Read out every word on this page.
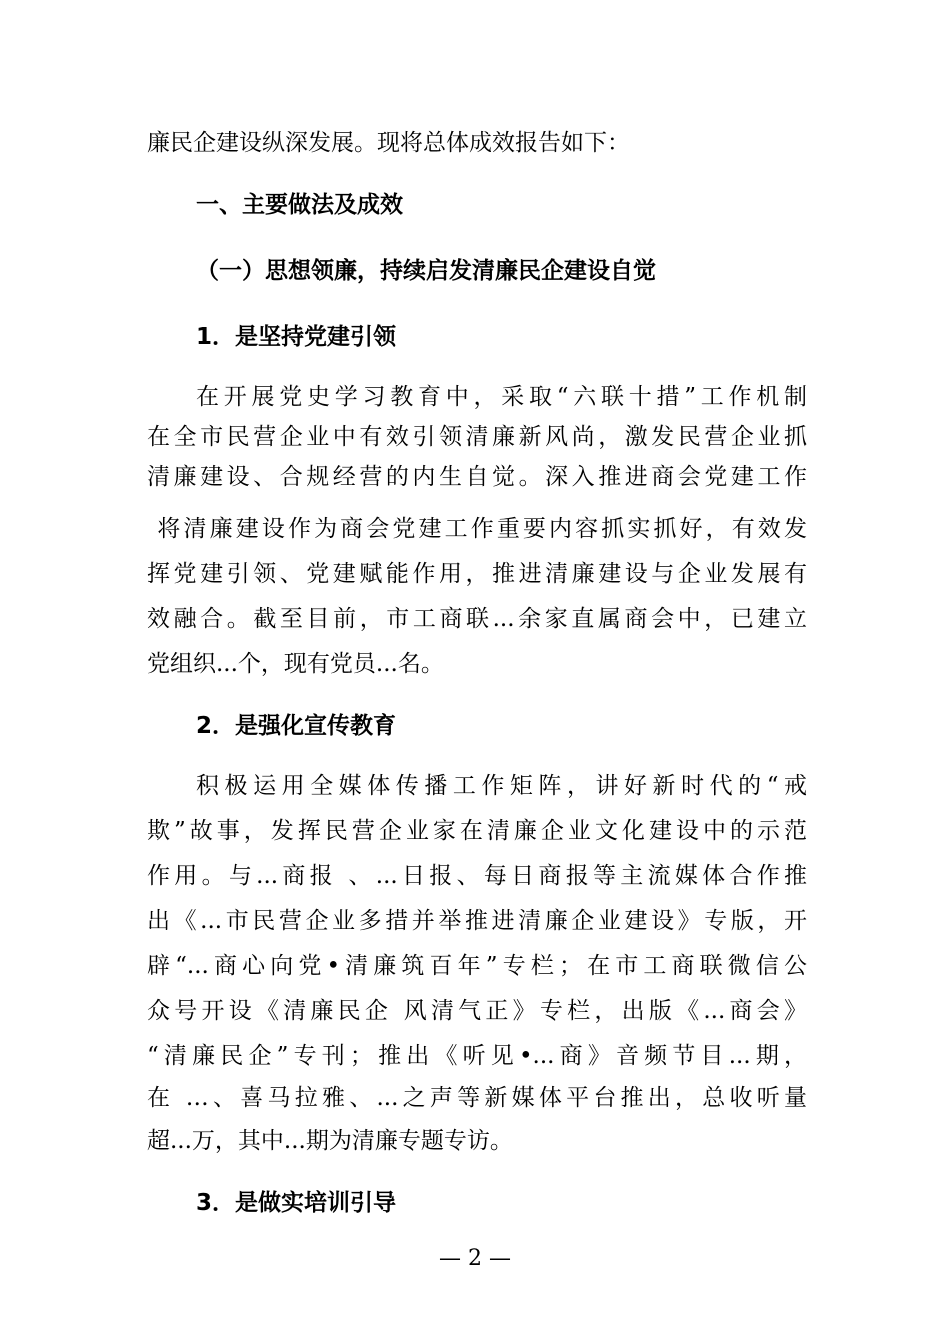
廉民企建设纵深发展。现将总体成效报告如下：

一、主要做法及成效
（一）思想领廉，持续启发清廉民企建设自觉
1．是坚持党建引领

在开展党史学习教育中，采取“六联十措”工作机制

在全市民营企业中有效引领清廉新风尚，激发民营企业抓

清廉建设、合规经营的内生自觉。深入推进商会党建工作

将清廉建设作为商会党建工作重要内容抓实抓好，有效发

挥党建引领、党建赋能作用，推进清廉建设与企业发展有

效融合。截至目前，市工商联...余家直属商会中，已建立

党组织...个，现有党员...名。

2．是强化宣传教育

积极运用全媒体传播工作矩阵，讲好新时代的“戒

欺”故事，发挥民营企业家在清廉企业文化建设中的示范

作用。与...商报 、...日报、每日商报等主流媒体合作推

出《...市民营企业多措并举推进清廉企业建设》专版，开

辟“...商心向党•清廉筑百年”专栏；在市工商联微信公

众号开设《清廉民企 风清气正》专栏，出版《...商会》

“清廉民企”专刊；推出《听见•...商》音频节目...期，

在 …、喜马拉雅、...之声等新媒体平台推出，总收听量

超...万，其中...期为清廉专题专访。

3．是做实培训引导
— 2 —
